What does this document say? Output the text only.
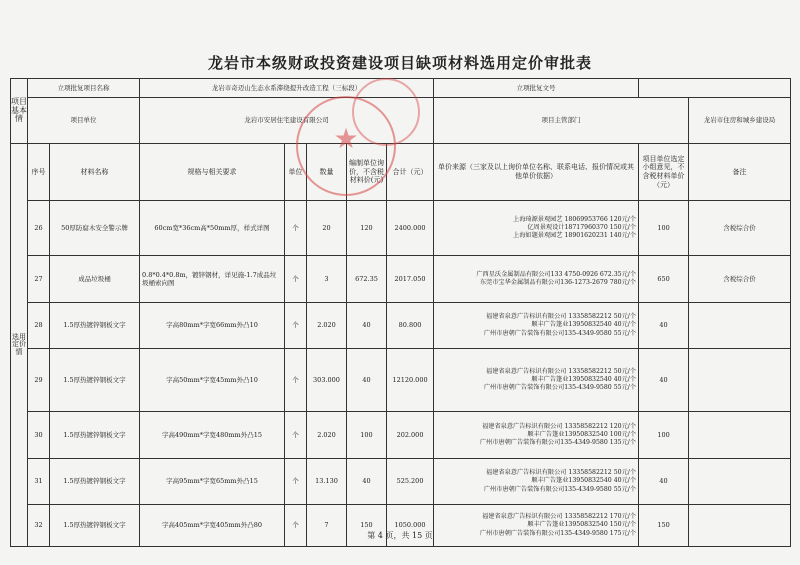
龙岩市本级财政投资建设项目缺项材料选用定价审批表
项目基本情	立项批复项目名称		龙岩市奇迈山生态水系滞绕提升改造工程（三标段）					立项批复文号		
	项目单位		龙岩市安居住宅建设有限公司					项目主管部门		龙岩市住房和城乡建设局
选用定价情	序号	材料名称	规格与相关要求	单位	数量	编制单位询价，不含税材料价(元)	合计（元）	单价来源（三家及以上询价单位名称、联系电话、报价情况或其他单价依据）	项目单位选定小组意见，不含税材料单价（元）	备注
	26	50厚防腐木安全警示牌	60cm宽*36cm高*50mm厚，样式详图	个	20	120	2400.000	上海琦源景观园艺 18069953766 120元/个
亿周景观设计18717960370 150元/个
上海如题景观园艺 18901620231 140元/个	100	含税综合价
	27	成品垃圾桶	0.8*0.4*0.8m，镀锌钢材，详见施-1.7成品垃圾桶索向图	个	3	672.35	2017.050	广西星沃金属制品有限公司133 4750-0926 672.35元/个
东莞市宝华金属制品有限公司136-1273-2679 780元/个	650	含税综合价
	28	1.5厚热镀锌钢板文字	字高80mm*字宽66mm外凸10	个	2.020	40	80.800	福建省泉意广告标识有限公司 13358582212 50元/个
顺丰广告篷业13950832540 40元/个
广州市唐朝广告装饰有限公司135-4349-9580 55元/个	40	
	29	1.5厚热镀锌钢板文字	字高50mm*字宽45mm外凸10	个	303.000	40	12120.000	福建省泉意广告标识有限公司 13358582212 50元/个
顺丰广告篷业13950832540 40元/个
广州市唐朝广告装饰有限公司135-4349-9580 55元/个	40	
	30	1.5厚热镀锌钢板文字	字高490mm*字宽480mm外凸15	个	2.020	100	202.000	福建省泉意广告标识有限公司 13358582212 120元/个
顺丰广告篷业13950832540 100元/个
广州市唐朝广告装饰有限公司135-4349-9580 135元/个	100	
	31	1.5厚热镀锌钢板文字	字高95mm*字宽65mm外凸15	个	13.130	40	525.200	福建省泉意广告标识有限公司 13358582212 50元/个
顺丰广告篷业13950832540 40元/个
广州市唐朝广告装饰有限公司135-4349-9580 55元/个	40	
	32	1.5厚热镀锌钢板文字	字高405mm*字宽405mm外凸80	个	7	150	1050.000	福建省泉意广告标识有限公司 13358582212 170元/个
顺丰广告篷业13950832540 150元/个
广州市唐朝广告装饰有限公司135-4349-9580 175元/个	150	
★
第 4 页，共 15 页
